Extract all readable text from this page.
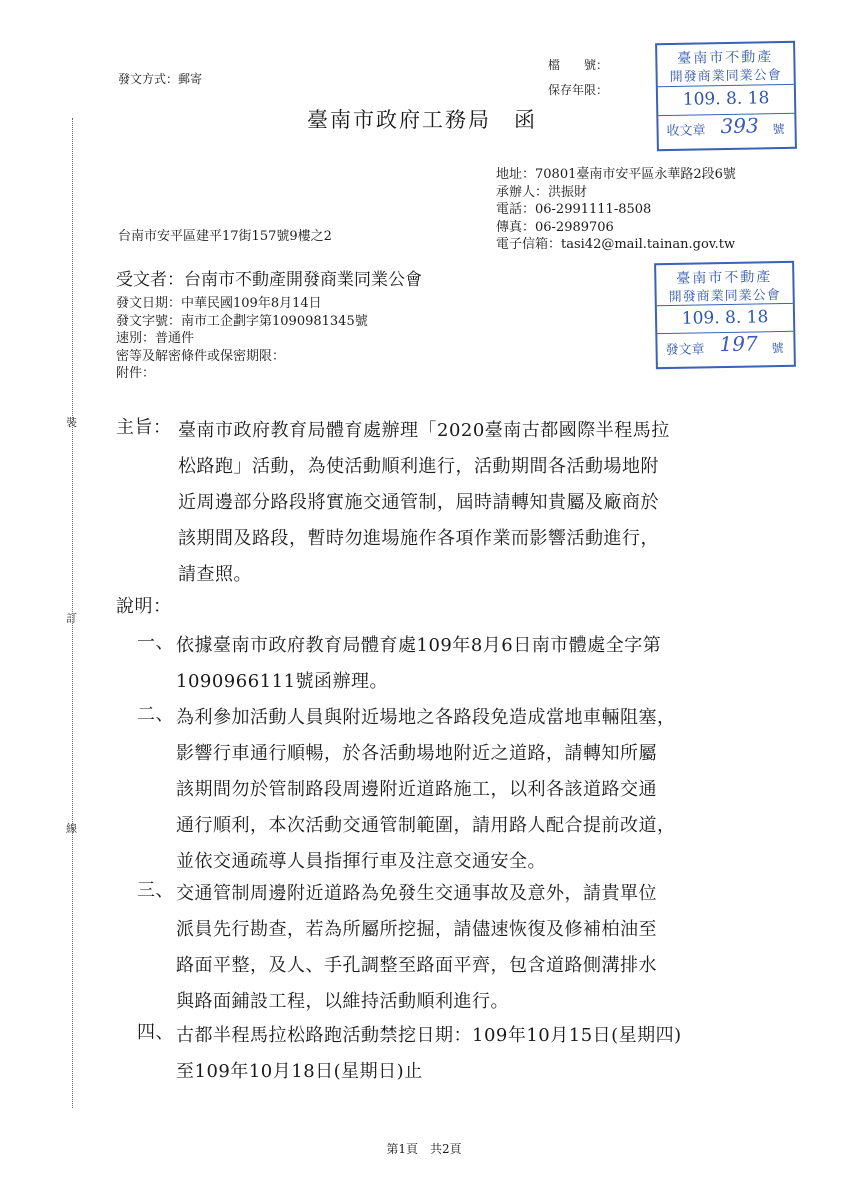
發文方式：郵寄
檔　　號：
保存年限：
臺南市不動產
開發商業同業公會
109. 8. 18
收文章 393 號
臺南市政府工務局　函
地址：70801臺南市安平區永華路2段6號
承辦人：洪振財
電話：06-2991111-8508
傳真：06-2989706
電子信箱：tasi42@mail.tainan.gov.tw
台南市安平區建平17街157號9樓之2
臺南市不動產
開發商業同業公會
109. 8. 18
發文章 197 號
受文者：台南市不動產開發商業同業公會
發文日期：中華民國109年8月14日
發文字號：南市工企劃字第1090981345號
速別：普通件
密等及解密條件或保密期限：
附件：
裝
訂
線

主旨： 臺南市政府教育局體育處辦理「2020臺南古都國際半程馬拉
松路跑」活動，為使活動順利進行，活動期間各活動場地附
近周邊部分路段將實施交通管制，屆時請轉知貴屬及廠商於
該期間及路段，暫時勿進場施作各項作業而影響活動進行，
請查照。
說明：
一、 依據臺南市政府教育局體育處109年8月6日南市體處全字第
1090966111號函辦理。
二、 為利參加活動人員與附近場地之各路段免造成當地車輛阻塞，
影響行車通行順暢，於各活動場地附近之道路，請轉知所屬
該期間勿於管制路段周邊附近道路施工，以利各該道路交通
通行順利，本次活動交通管制範圍，請用路人配合提前改道，
並依交通疏導人員指揮行車及注意交通安全。
三、 交通管制周邊附近道路為免發生交通事故及意外，請貴單位
派員先行勘查，若為所屬所挖掘，請儘速恢復及修補柏油至
路面平整，及人、手孔調整至路面平齊，包含道路側溝排水
與路面鋪設工程，以維持活動順利進行。
四、 古都半程馬拉松路跑活動禁挖日期：109年10月15日(星期四)
至109年10月18日(星期日)止
第1頁　共2頁
